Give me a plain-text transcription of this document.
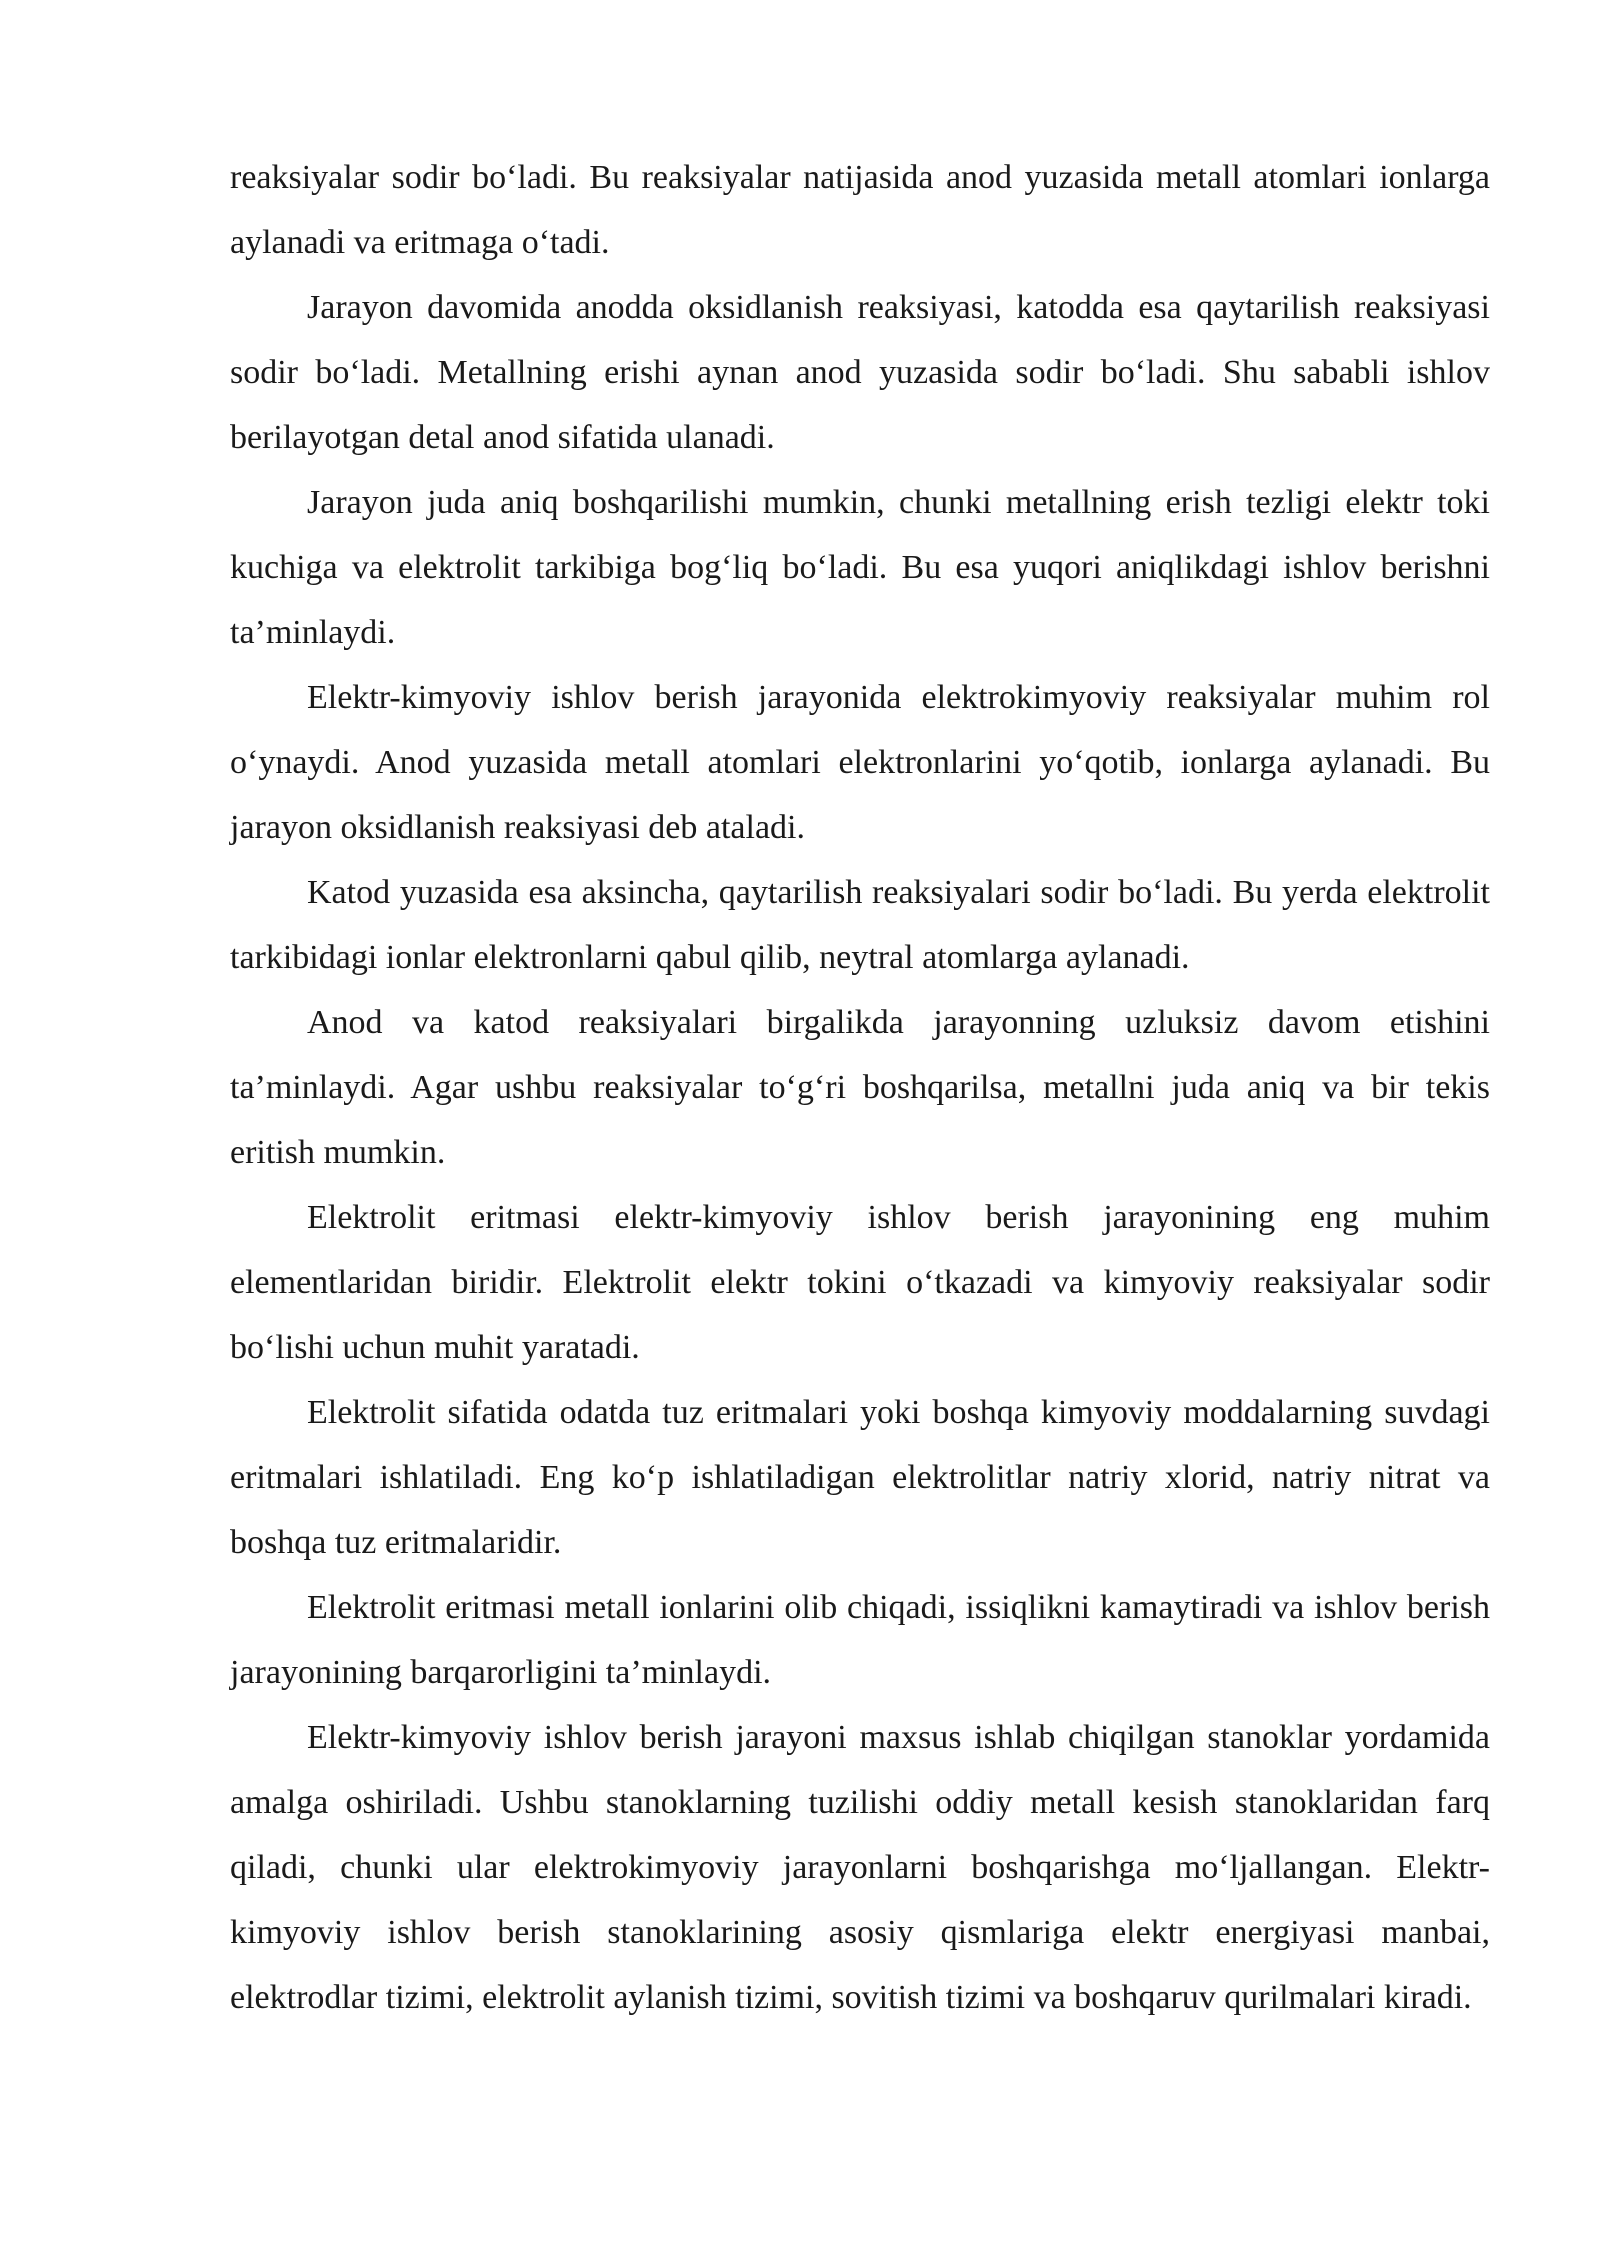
reaksiyalar sodir bo‘ladi. Bu reaksiyalar natijasida anod yuzasida metall atomlari ionlarga aylanadi va eritmaga o‘tadi.

Jarayon davomida anodda oksidlanish reaksiyasi, katodda esa qaytarilish reaksiyasi sodir bo‘ladi. Metallning erishi aynan anod yuzasida sodir bo‘ladi. Shu sababli ishlov berilayotgan detal anod sifatida ulanadi.

Jarayon juda aniq boshqarilishi mumkin, chunki metallning erish tezligi elektr toki kuchiga va elektrolit tarkibiga bog‘liq bo‘ladi. Bu esa yuqori aniqlikdagi ishlov berishni ta’minlaydi.

Elektr-kimyoviy ishlov berish jarayonida elektrokimyoviy reaksiyalar muhim rol o‘ynaydi. Anod yuzasida metall atomlari elektronlarini yo‘qotib, ionlarga aylanadi. Bu jarayon oksidlanish reaksiyasi deb ataladi.

Katod yuzasida esa aksincha, qaytarilish reaksiyalari sodir bo‘ladi. Bu yerda elektrolit tarkibidagi ionlar elektronlarni qabul qilib, neytral atomlarga aylanadi.

Anod va katod reaksiyalari birgalikda jarayonning uzluksiz davom etishini ta’minlaydi. Agar ushbu reaksiyalar to‘g‘ri boshqarilsa, metallni juda aniq va bir tekis eritish mumkin.

Elektrolit eritmasi elektr-kimyoviy ishlov berish jarayonining eng muhim elementlaridan biridir. Elektrolit elektr tokini o‘tkazadi va kimyoviy reaksiyalar sodir bo‘lishi uchun muhit yaratadi.

Elektrolit sifatida odatda tuz eritmalari yoki boshqa kimyoviy moddalarning suvdagi eritmalari ishlatiladi. Eng ko‘p ishlatiladigan elektrolitlar natriy xlorid, natriy nitrat va boshqa tuz eritmalaridir.

Elektrolit eritmasi metall ionlarini olib chiqadi, issiqlikni kamaytiradi va ishlov berish jarayonining barqarorligini ta’minlaydi.

Elektr-kimyoviy ishlov berish jarayoni maxsus ishlab chiqilgan stanoklar yordamida amalga oshiriladi. Ushbu stanoklarning tuzilishi oddiy metall kesish stanoklaridan farq qiladi, chunki ular elektrokimyoviy jarayonlarni boshqarishga mo‘ljallangan. Elektr-kimyoviy ishlov berish stanoklarining asosiy qismlariga elektr energiyasi manbai, elektrodlar tizimi, elektrolit aylanish tizimi, sovitish tizimi va boshqaruv qurilmalari kiradi.
